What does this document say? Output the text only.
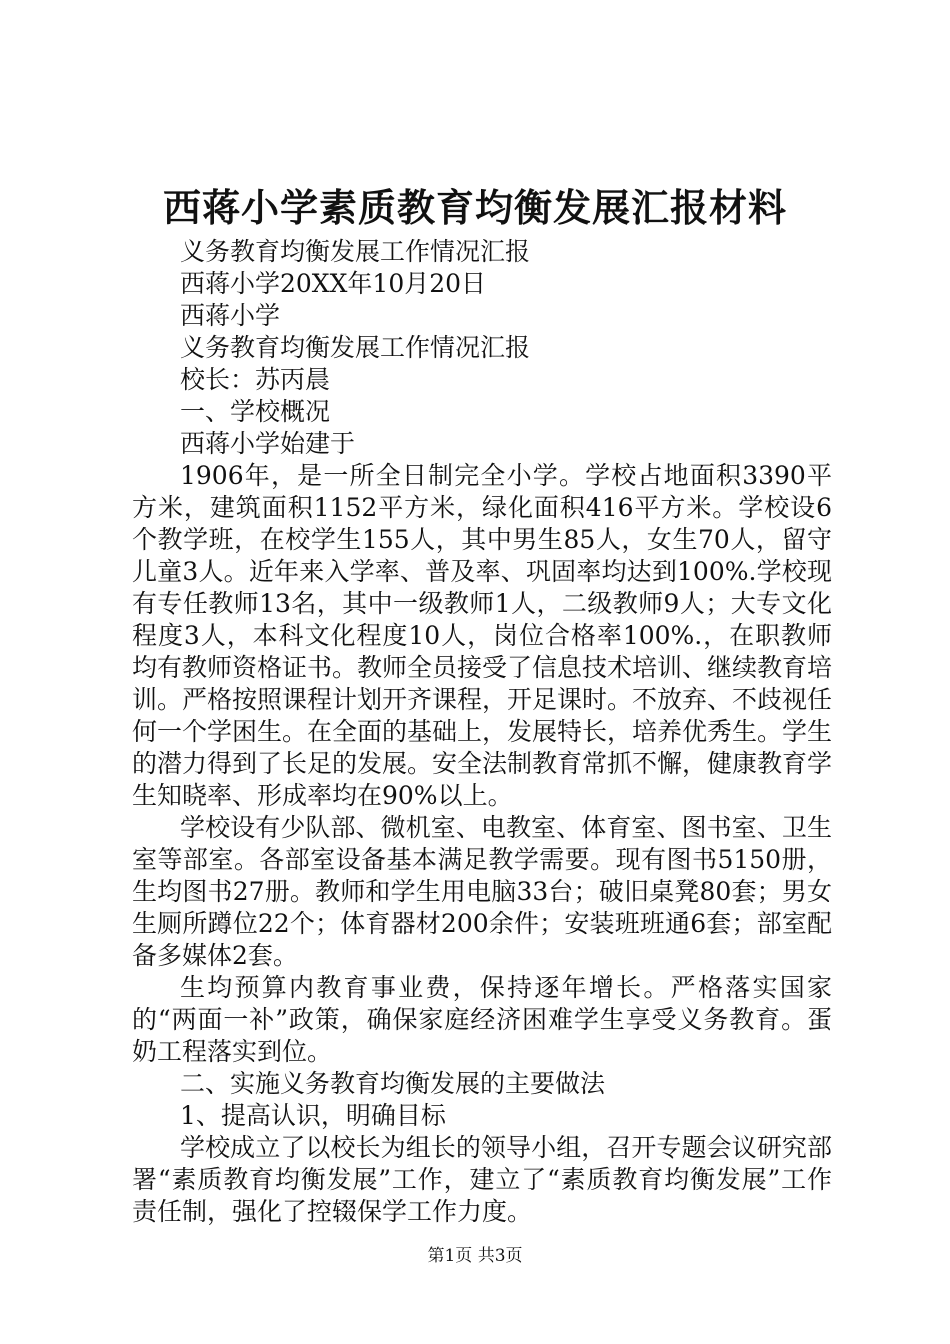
西蒋小学素质教育均衡发展汇报材料
义务教育均衡发展工作情况汇报
西蒋小学20XX年10月20日
西蒋小学
义务教育均衡发展工作情况汇报
校长：苏丙晨
一、学校概况
西蒋小学始建于

1906年，是一所全日制完全小学。学校占地面积3390平方米，建筑面积1152平方米，绿化面积416平方米。学校设6个教学班，在校学生155人，其中男生85人，女生70人，留守儿童3人。近年来入学率、普及率、巩固率均达到100%.学校现有专任教师13名，其中一级教师1人，二级教师9人；大专文化程度3人，本科文化程度10人，岗位合格率100%.，在职教师均有教师资格证书。教师全员接受了信息技术培训、继续教育培训。严格按照课程计划开齐课程，开足课时。不放弃、不歧视任何一个学困生。在全面的基础上，发展特长，培养优秀生。学生的潜力得到了长足的发展。安全法制教育常抓不懈，健康教育学生知晓率、形成率均在90%以上。

学校设有少队部、微机室、电教室、体育室、图书室、卫生室等部室。各部室设备基本满足教学需要。现有图书5150册，生均图书27册。教师和学生用电脑33台；破旧桌凳80套；男女生厕所蹲位22个；体育器材200余件；安装班班通6套；部室配备多媒体2套。

生均预算内教育事业费，保持逐年增长。严格落实国家的“两面一补”政策，确保家庭经济困难学生享受义务教育。蛋奶工程落实到位。

二、实施义务教育均衡发展的主要做法
1、提高认识，明确目标

学校成立了以校长为组长的领导小组，召开专题会议研究部署“素质教育均衡发展”工作，建立了“素质教育均衡发展”工作责任制，强化了控辍保学工作力度。

第1页 共3页
